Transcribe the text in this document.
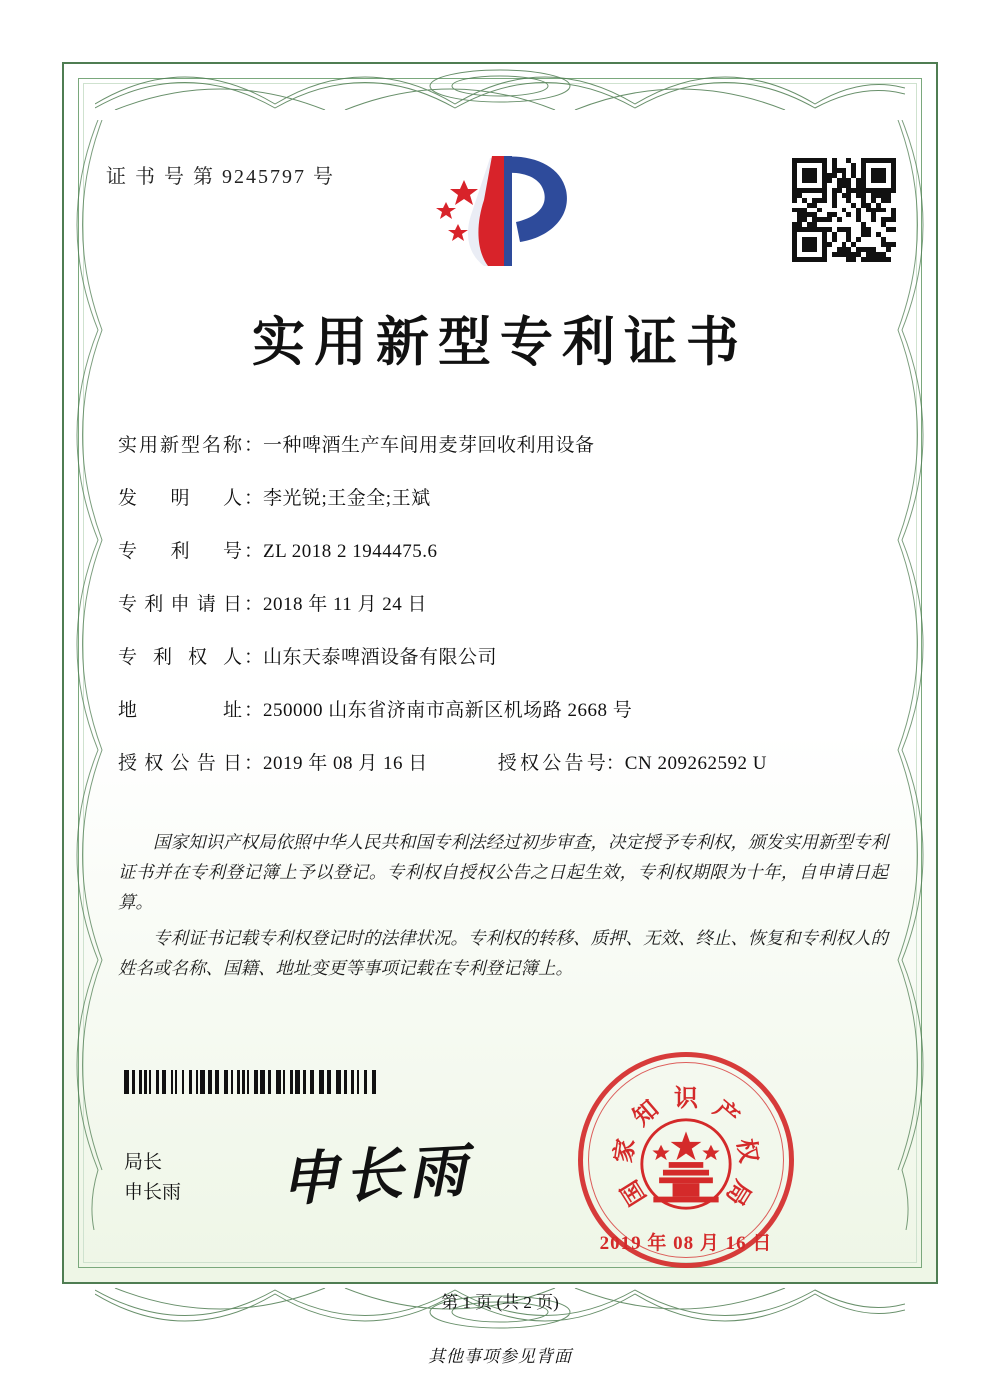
证 书 号 第 9245797 号
实用新型专利证书
实用新型名称 ： 一种啤酒生产车间用麦芽回收利用设备
发 明 人 ： 李光锐;王金全;王斌
专 利 号 ： ZL 2018 2 1944475.6
专利申请日 ： 2018 年 11 月 24 日
专 利 权 人 ： 山东天泰啤酒设备有限公司
地 址 ： 250000 山东省济南市高新区机场路 2668 号
授权公告日 ： 2019 年 08 月 16 日	授权公告号 ： CN 209262592 U

国家知识产权局依照中华人民共和国专利法经过初步审查，决定授予专利权，颁发实用新型专利证书并在专利登记簿上予以登记。专利权自授权公告之日起生效，专利权期限为十年，自申请日起算。

专利证书记载专利权登记时的法律状况。专利权的转移、质押、无效、终止、恢复和专利权人的姓名或名称、国籍、地址变更等事项记载在专利登记簿上。

局长
申长雨 申长雨	国
家
知 识 产
权
局
2019 年 08 月 16 日
第 1 页 (共 2 页)
其他事项参见背面
